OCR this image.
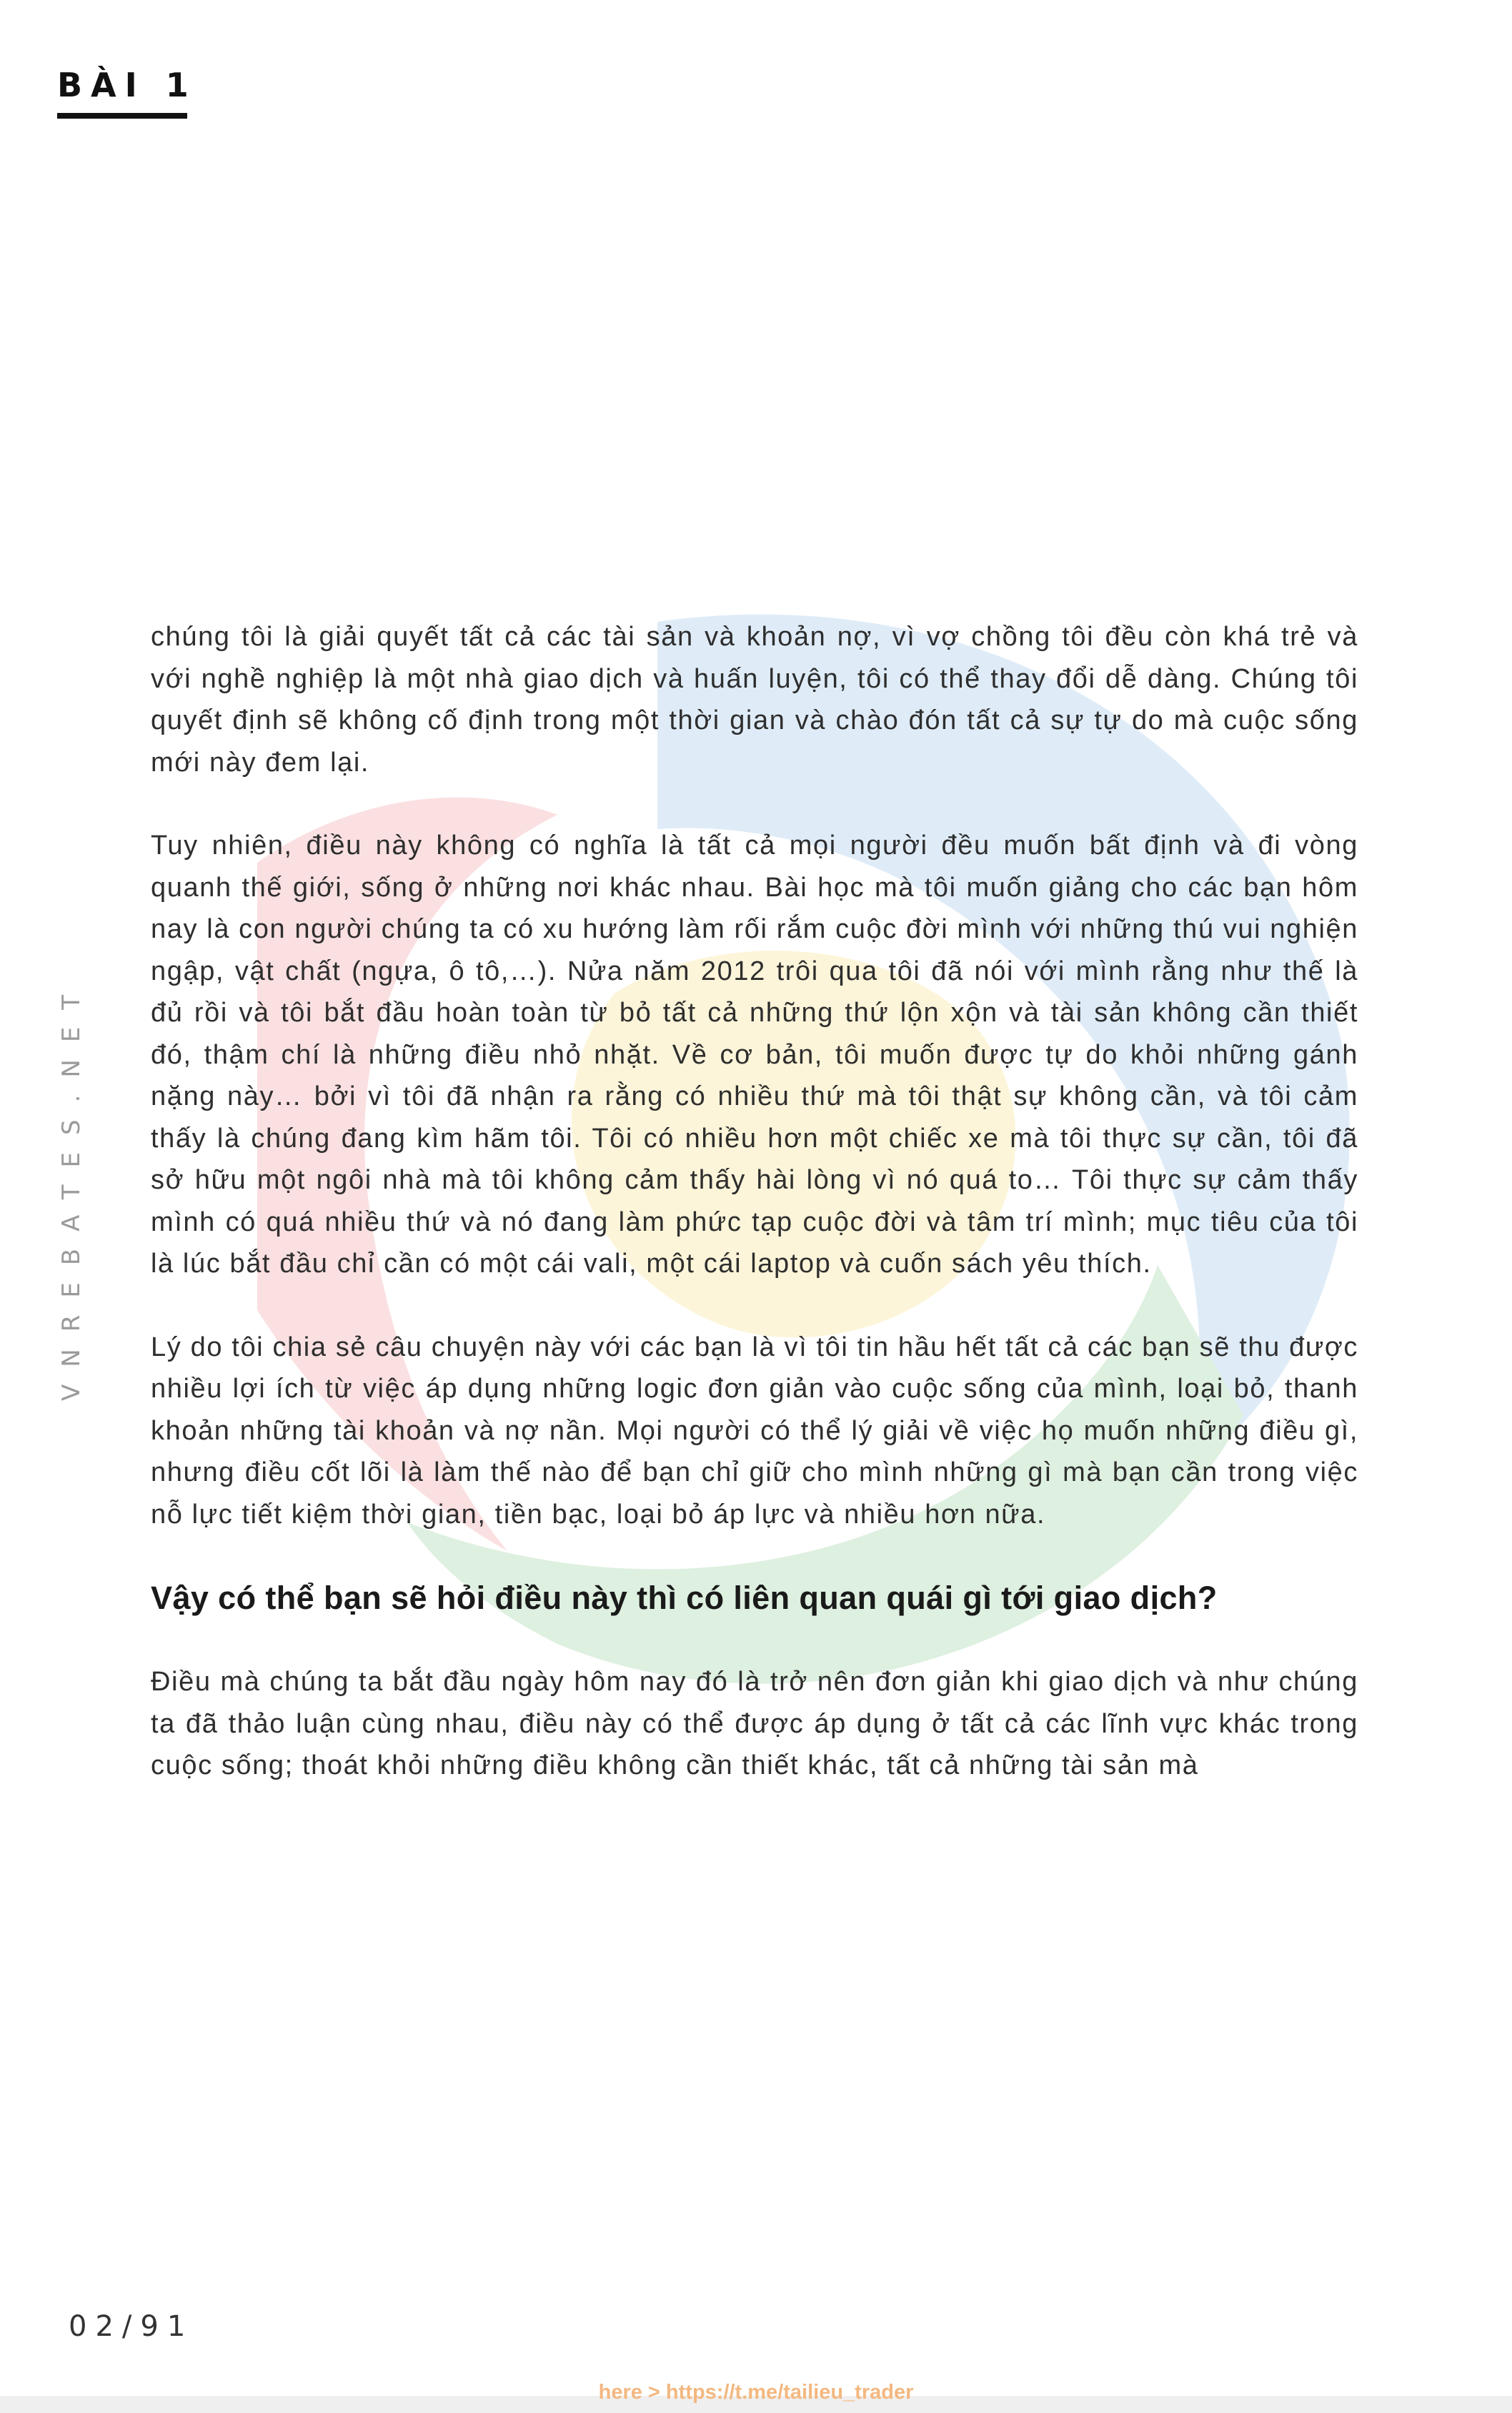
BÀI 1
VNREBATES.NET

chúng tôi là giải quyết tất cả các tài sản và khoản nợ, vì vợ chồng tôi đều còn khá trẻ và với nghề nghiệp là một nhà giao dịch và huấn luyện, tôi có thể thay đổi dễ dàng. Chúng tôi quyết định sẽ không cố định trong một thời gian và chào đón tất cả sự tự do mà cuộc sống mới này đem lại.

Tuy nhiên, điều này không có nghĩa là tất cả mọi người đều muốn bất định và đi vòng quanh thế giới, sống ở những nơi khác nhau. Bài học mà tôi muốn giảng cho các bạn hôm nay là con người chúng ta có xu hướng làm rối rắm cuộc đời mình với những thú vui nghiện ngập, vật chất (ngựa, ô tô,…). Nửa năm 2012 trôi qua tôi đã nói với mình rằng như thế là đủ rồi và tôi bắt đầu hoàn toàn từ bỏ tất cả những thứ lộn xộn và tài sản không cần thiết đó, thậm chí là những điều nhỏ nhặt. Về cơ bản, tôi muốn được tự do khỏi những gánh nặng này… bởi vì tôi đã nhận ra rằng có nhiều thứ mà tôi thật sự không cần, và tôi cảm thấy là chúng đang kìm hãm tôi. Tôi có nhiều hơn một chiếc xe mà tôi thực sự cần, tôi đã sở hữu một ngôi nhà mà tôi không cảm thấy hài lòng vì nó quá to… Tôi thực sự cảm thấy mình có quá nhiều thứ và nó đang làm phức tạp cuộc đời và tâm trí mình; mục tiêu của tôi là lúc bắt đầu chỉ cần có một cái vali, một cái laptop và cuốn sách yêu thích.

Lý do tôi chia sẻ câu chuyện này với các bạn là vì tôi tin hầu hết tất cả các bạn sẽ thu được nhiều lợi ích từ việc áp dụng những logic đơn giản vào cuộc sống của mình, loại bỏ, thanh khoản những tài khoản và nợ nần. Mọi người có thể lý giải về việc họ muốn những điều gì, nhưng điều cốt lõi là làm thế nào để bạn chỉ giữ cho mình những gì mà bạn cần trong việc nỗ lực tiết kiệm thời gian, tiền bạc, loại bỏ áp lực và nhiều hơn nữa.

Vậy có thể bạn sẽ hỏi điều này thì có liên quan quái gì tới giao dịch?

Điều mà chúng ta bắt đầu ngày hôm nay đó là trở nên đơn giản khi giao dịch và như chúng ta đã thảo luận cùng nhau, điều này có thể được áp dụng ở tất cả các lĩnh vực khác trong cuộc sống; thoát khỏi những điều không cần thiết khác, tất cả những tài sản mà

02/91
here > https://t.me/tailieu_trader
